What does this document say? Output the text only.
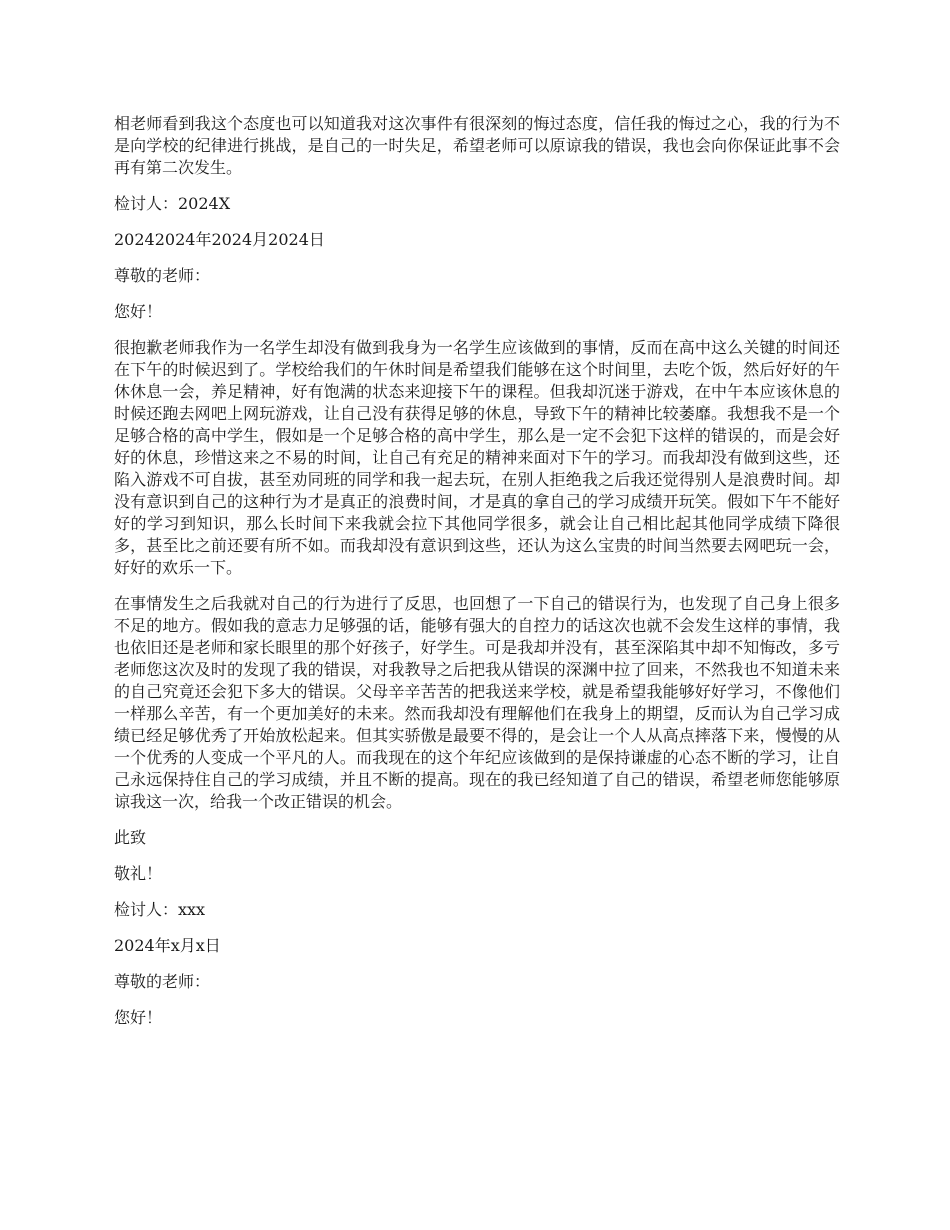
相老师看到我这个态度也可以知道我对这次事件有很深刻的悔过态度，信任我的悔过之心，我的行为不是向学校的纪律进行挑战，是自己的一时失足，希望老师可以原谅我的错误，我也会向你保证此事不会再有第二次发生。

检讨人：2024X

20242024年2024月2024日

尊敬的老师：

您好！

很抱歉老师我作为一名学生却没有做到我身为一名学生应该做到的事情，反而在高中这么关键的时间还在下午的时候迟到了。学校给我们的午休时间是希望我们能够在这个时间里，去吃个饭，然后好好的午休休息一会，养足精神，好有饱满的状态来迎接下午的课程。但我却沉迷于游戏，在中午本应该休息的时候还跑去网吧上网玩游戏，让自己没有获得足够的休息，导致下午的精神比较萎靡。我想我不是一个足够合格的高中学生，假如是一个足够合格的高中学生，那么是一定不会犯下这样的错误的，而是会好好的休息，珍惜这来之不易的时间，让自己有充足的精神来面对下午的学习。而我却没有做到这些，还陷入游戏不可自拔，甚至劝同班的同学和我一起去玩，在别人拒绝我之后我还觉得别人是浪费时间。却没有意识到自己的这种行为才是真正的浪费时间，才是真的拿自己的学习成绩开玩笑。假如下午不能好好的学习到知识，那么长时间下来我就会拉下其他同学很多，就会让自己相比起其他同学成绩下降很多，甚至比之前还要有所不如。而我却没有意识到这些，还认为这么宝贵的时间当然要去网吧玩一会，好好的欢乐一下。

在事情发生之后我就对自己的行为进行了反思，也回想了一下自己的错误行为，也发现了自己身上很多不足的地方。假如我的意志力足够强的话，能够有强大的自控力的话这次也就不会发生这样的事情，我也依旧还是老师和家长眼里的那个好孩子，好学生。可是我却并没有，甚至深陷其中却不知悔改，多亏老师您这次及时的发现了我的错误，对我教导之后把我从错误的深渊中拉了回来，不然我也不知道未来的自己究竟还会犯下多大的错误。父母辛辛苦苦的把我送来学校，就是希望我能够好好学习，不像他们一样那么辛苦，有一个更加美好的未来。然而我却没有理解他们在我身上的期望，反而认为自己学习成绩已经足够优秀了开始放松起来。但其实骄傲是最要不得的，是会让一个人从高点摔落下来，慢慢的从一个优秀的人变成一个平凡的人。而我现在的这个年纪应该做到的是保持谦虚的心态不断的学习，让自己永远保持住自己的学习成绩，并且不断的提高。现在的我已经知道了自己的错误，希望老师您能够原谅我这一次，给我一个改正错误的机会。

此致

敬礼！

检讨人：xxx

2024年x月x日

尊敬的老师：

您好！
